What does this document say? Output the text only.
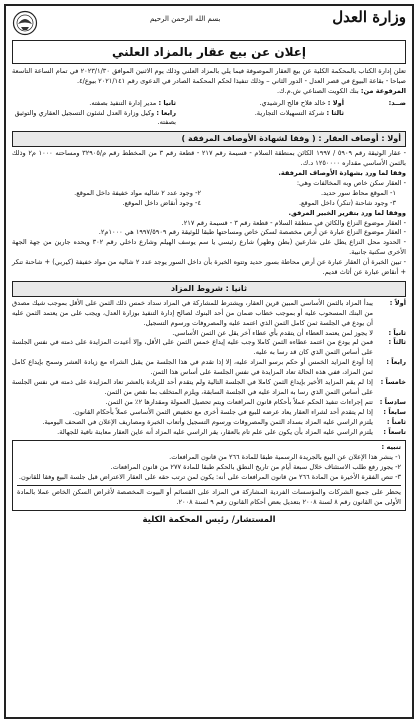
وزارة العدل
بسم الله الرحمن الرحيم
إعلان عن بيع عقار بالمزاد العلني

تعلن إدارة الكتاب بالمحكمة الكلية عن بيع العقار الموصوفة فيما يلي بالمزاد العلني وذلك يوم الاثنين الموافق ٢٠٢٣/١/٣٠ في تمام الساعة التاسعة صباحا - بقاعة البيوع في قصر العدل - الدور الثاني – وذلك تنفيذا لحكم المحكمة الصادر في الدعوى رقم ٢٠٢١/١٤١ بيوع/٤.

المرفوعة من: بنك الكويت الصناعي ش.م.ك.
ضــد:
أولا : خالد فلاح فالح الرشيدي.
ثانيا : مدير إدارة التنفيذ بصفته.
ثالثا : شركة التسهيلات التجارية.
رابعا : وكيل وزارة العدل لشئون التسجيل العقاري والتوثيق بصفته.
أولا : أوصاف العقار : ( وفقا لشهادة الأوصاف المرفقة )

- عقار الوثيقة رقم ٥٩٠٩ / ١٩٩٧ الكائن بمنطقة السلام - قسيمة رقم ٢١٧ - قطعة رقم ٣ من المخطط رقم م/٣٢٩٠٥ ومساحته ١٠٠٠ م٢ وذلك بالثمن الأساسي مقداره ١٢٥٠٠٠٠ د.ك.

وفقا لما ورد بشهادة الأوصاف المرفقة.

- العقار سكن خاص وبه المخالفات وهي:

١- الموقع محاط سور حديد.
٢- وجود عدد ٢ شاليه مواد خفيفة داخل الموقع.
٣- وجود شاحنة (تنكر) داخل الموقع.
٤- وجود أنقاض داخل الموقع.

ووفقا لما ورد بتقرير الخبير المرفق.

- العقار موضوع النزاع والكائن في منطقة السلام - قطعة رقم ٣ - قسيمة رقم ٢١٧.

- العقار موضوع النزاع عبارة عن أرض مخصصة لسكن خاص ومساحتها طبقا للوثيقة رقم ١٩٩٧/٥٩٠٩ هي ١٠٠٠م٢.

- الحدود محل النزاع يطل على شارعين (بطن وظهر) شارع رئيسي يا سم يوسف الهيلم وشارع داخلي رقم ٣٠٢ ويحده جارين من جهة الجهة الأخرى سكنية جانبية.

- تبين الخبرة أن العقار عبارة عن أرض محاطة بسور حديد وتتوه الخبرة بأن داخل السور يوجد عدد ٢ شاليه من مواد خفيفة (كيربي) + شاحنة تنكر + أنقاض عبارة عن أثاث قديم.

ثانيا : شروط المزاد
أولاً :
يبدأ المزاد بالثمن الأساسي المبين قرين العقار، ويشترط للمشاركة في المزاد سداد خمس ذلك الثمن على الأقل بموجب شيك مصدق من البنك المسحوب عليه أو بموجب خطاب ضمان من أحد البنوك لصالح إدارة التنفيذ بوزارة العدل، ويجب على من يعتمد الثمن عليه أن يودع في الجلسة ثمن كامل الثمن الذي اعتمد عليه والمصروفات ورسوم التسجيل.
ثانياً :
لا يجوز لمن يعتمد العطاء أن يتقدم بأي عطاء آخر يقل عن الثمن الأساسي.
ثالثاً :
فمن لم يودع من اعتمد عطاءه الثمن كاملا وجب عليه إيداع خمس الثمن على الأقل، وإلا أعيدت المزايدة على ذمته في نفس الجلسة على أساس الثمن الذي كان قد رسا به عليه.
رابعاً :
إذا أودع المزايد الخمس أو حكم برسو المزاد عليه، إلا إذا تقدم في هذا الجلسة من يقبل الشراء مع زيادة العشر وسمح بإيداع كامل ثمن المزاد، ففي هذه الحالة تعاد المزايدة في نفس الجلسة على أساس هذا الثمن.
خامساً :
إذا لم يقم المزايد الأخير بإيداع الثمن كاملا في الجلسة التالية ولم يتقدم أحد للزيادة بالعشر تعاد المزايدة على ذمته في نفس الجلسة على أساس الثمن الذي رسا به المزاد عليه في الجلسة السابقة، ويلزم المتخلف بما نقص من الثمن.
سادساً :
تتم إجراءات تنفيذ الحكم عملاً بأحكام قانون المرافعات ويتم تحصيل العمولة ومقدارها ٢٪ من الثمن.
سابعاً :
إذا لم يتقدم أحد لشراء العقار يعاد عرضه للبيع في جلسة أخرى مع تخفيض الثمن الأساسي عملاً بأحكام القانون.
ثامناً :
يلتزم الراسي عليه المزاد بسداد الثمن والمصروفات ورسوم التسجيل وأتعاب الخبرة ومصاريف الإعلان في الصحف اليومية.
تاسعاً :
يلتزم الراسي عليه المزاد بأن يكون على علم تام بالعقار، يقر الراسي عليه المزاد أنه عاين العقار معاينة نافية للجهالة.

تنبيه :

١- ينشر هذا الإعلان عن البيع بالجريدة الرسمية طبقا للمادة ٢٦٦ من قانون المرافعات.

٢- يجوز رفع طلب الاستئناف خلال سبعة أيام من تاريخ النطق بالحكم طبقا للمادة ٢٧٧ من قانون المرافعات.

٣- تنص الفقرة الأخيرة من المادة ٢٦٦ من قانون المرافعات على أنه: يكون لمن ترتب حقه على العقار الاعتراض قبل جلسة البيع وفقا للقانون.

يحظر على جميع الشركات والمؤسسات الفردية المشاركة في المزاد على القسائم أو البيوت المخصصة لأغراض السكن الخاص عملا بالمادة الأولى من القانون رقم ٨ لسنة ٢٠٠٨ بتعديل بعض أحكام القانون رقم ٩ لسنة ٢٠٠٨.

المستشار/ رئيس المحكمة الكلية
